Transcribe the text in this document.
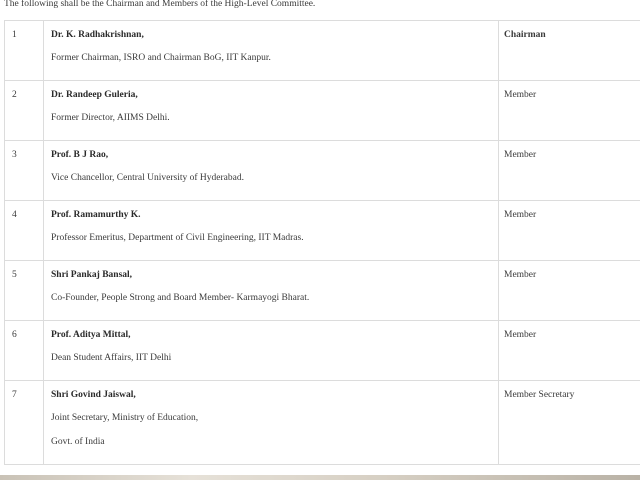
The following shall be the Chairman and Members of the High-Level Committee.
1	Dr. K. Radhakrishnan,
Former Chairman, ISRO and Chairman BoG, IIT Kanpur.	Chairman
2	Dr. Randeep Guleria,
Former Director, AIIMS Delhi.	Member
3	Prof. B J Rao,
Vice Chancellor, Central University of Hyderabad.	Member
4	Prof. Ramamurthy K.
Professor Emeritus, Department of Civil Engineering, IIT Madras.	Member
5	Shri Pankaj Bansal,
Co-Founder, People Strong and Board Member- Karmayogi Bharat.	Member
6	Prof. Aditya Mittal,
Dean Student Affairs, IIT Delhi	Member
7	Shri Govind Jaiswal,
Joint Secretary, Ministry of Education,
Govt. of India	Member Secretary
